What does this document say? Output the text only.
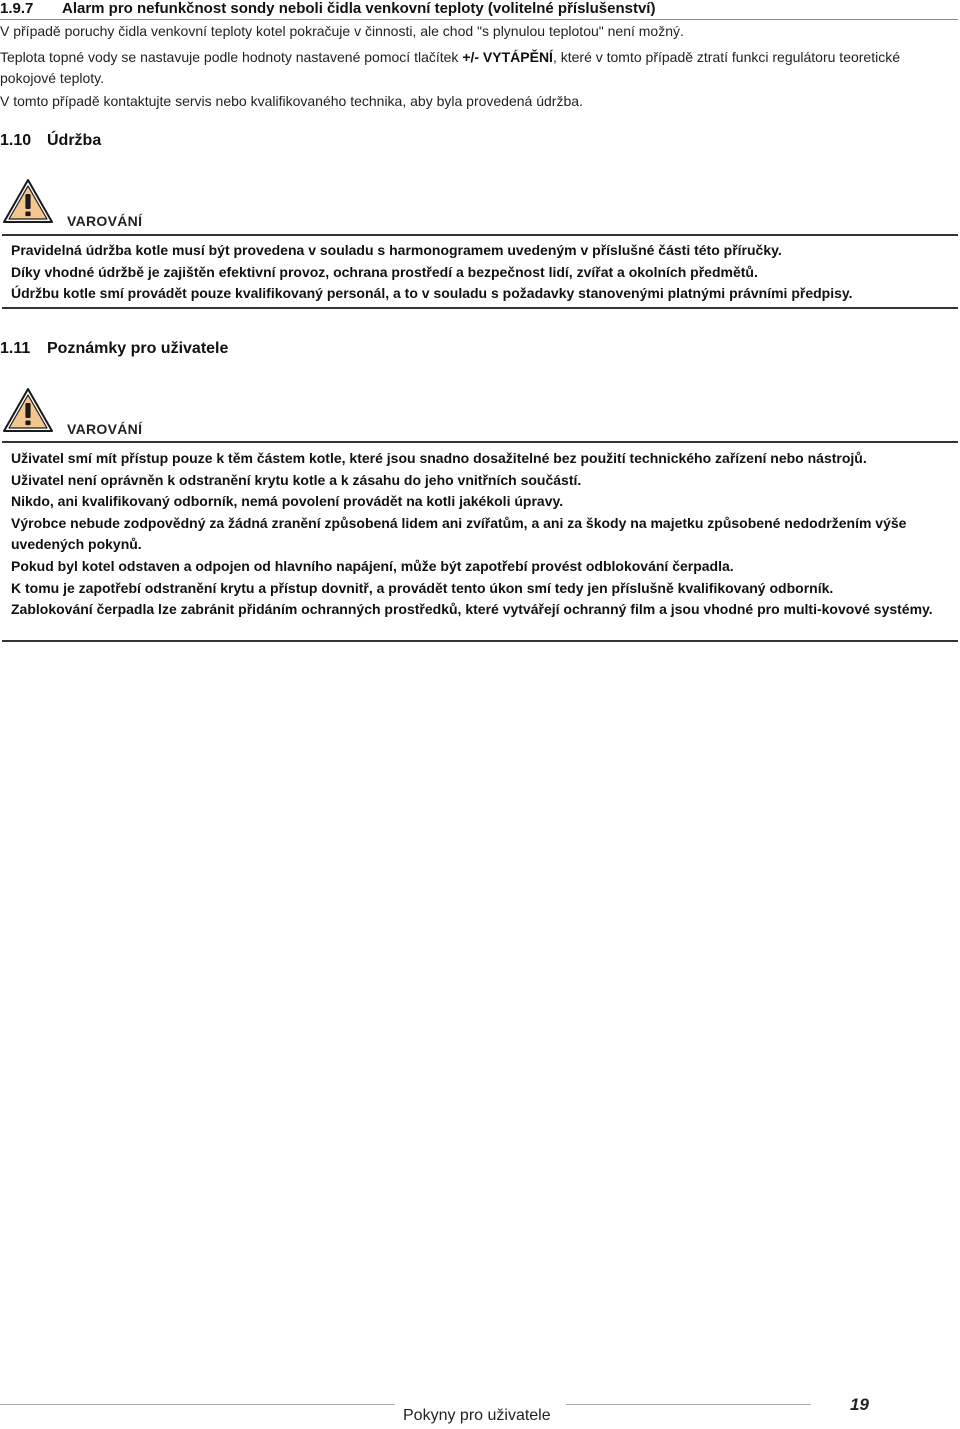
1.9.7 Alarm pro nefunkčnost sondy neboli čidla venkovní teploty (volitelné příslušenství)
V případě poruchy čidla venkovní teploty kotel pokračuje v činnosti, ale chod "s plynulou teplotou" není možný.
Teplota topné vody se nastavuje podle hodnoty nastavené pomocí tlačítek +/- VYTÁPĚNÍ, které v tomto případě ztratí funkci regulátoru teoretické pokojové teploty.
V tomto případě kontaktujte servis nebo kvalifikovaného technika, aby byla provedená údržba.
1.10 Údržba
VAROVÁNÍ
Pravidelná údržba kotle musí být provedena v souladu s harmonogramem uvedeným v příslušné části této příručky.
Díky vhodné údržbě je zajištěn efektivní provoz, ochrana prostředí a bezpečnost lidí, zvířat a okolních předmětů.
Údržbu kotle smí provádět pouze kvalifikovaný personál, a to v souladu s požadavky stanovenými platnými právními předpisy.
1.11 Poznámky pro uživatele
VAROVÁNÍ
Uživatel smí mít přístup pouze k těm částem kotle, které jsou snadno dosažitelné bez použití technického zařízení nebo nástrojů.
Uživatel není oprávněn k odstranění krytu kotle a k zásahu do jeho vnitřních součástí.
Nikdo, ani kvalifikovaný odborník, nemá povolení provádět na kotli jakékoli úpravy.
Výrobce nebude zodpovědný za žádná zranění způsobená lidem ani zvířatům, a ani za škody na majetku způsobené nedodržením výše uvedených pokynů.
Pokud byl kotel odstaven a odpojen od hlavního napájení, může být zapotřebí provést odblokování čerpadla.
K tomu je zapotřebí odstranění krytu a přístup dovnitř, a provádět tento úkon smí tedy jen příslušně kvalifikovaný odborník.
Zablokování čerpadla lze zabránit přidáním ochranných prostředků, které vytvářejí ochranný film a jsou vhodné pro multi-kovové systémy.
Pokyny pro uživatele
19
